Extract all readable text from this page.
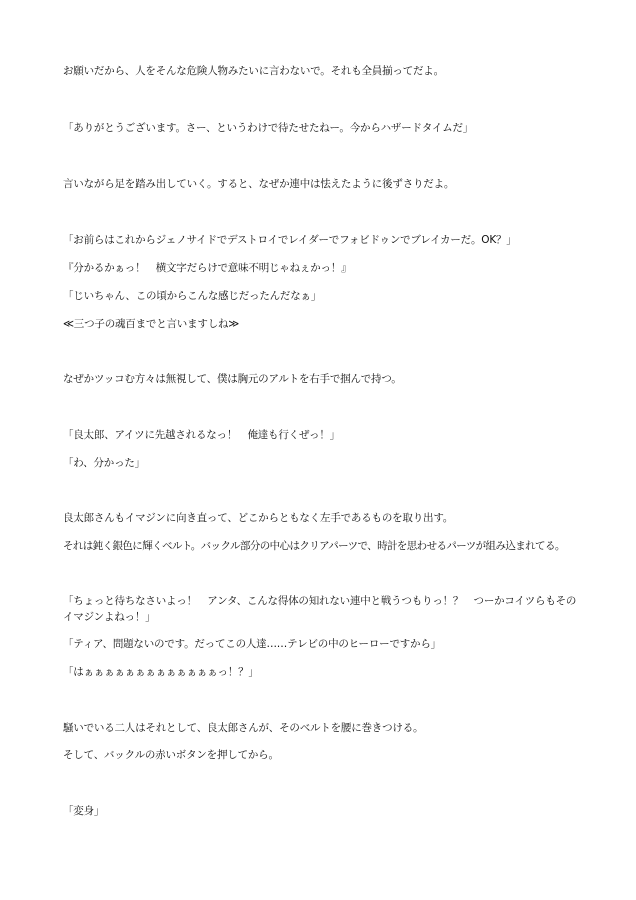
お願いだから、人をそんな危険人物みたいに言わないで。それも全員揃ってだよ。
「ありがとうございます。さー、というわけで待たせたねー。今からハザードタイムだ」
言いながら足を踏み出していく。すると、なぜか連中は怯えたように後ずさりだよ。
「お前らはこれからジェノサイドでデストロイでレイダーでフォビドゥンでブレイカーだ。OK？」
『分かるかぁっ！　横文字だらけで意味不明じゃねぇかっ！』
「じいちゃん、この頃からこんな感じだったんだなぁ」
≪三つ子の魂百までと言いますしね≫
なぜかツッコむ方々は無視して、僕は胸元のアルトを右手で掴んで持つ。
「良太郎、アイツに先越されるなっ！　俺達も行くぜっ！」
「わ、分かった」
良太郎さんもイマジンに向き直って、どこからともなく左手であるものを取り出す。
それは鈍く銀色に輝くベルト。バックル部分の中心はクリアパーツで、時計を思わせるパーツが組み込まれてる。
「ちょっと待ちなさいよっ！　アンタ、こんな得体の知れない連中と戦うつもりっ！？　つーかコイツらもそのイマジンよねっ！」
「ティア、問題ないのです。だってこの人達……テレビの中のヒーローですから」
「はぁぁぁぁぁぁぁぁぁぁぁぁぁっ！？」
騒いでいる二人はそれとして、良太郎さんが、そのベルトを腰に巻きつける。
そして、バックルの赤いボタンを押してから。
「変身」
